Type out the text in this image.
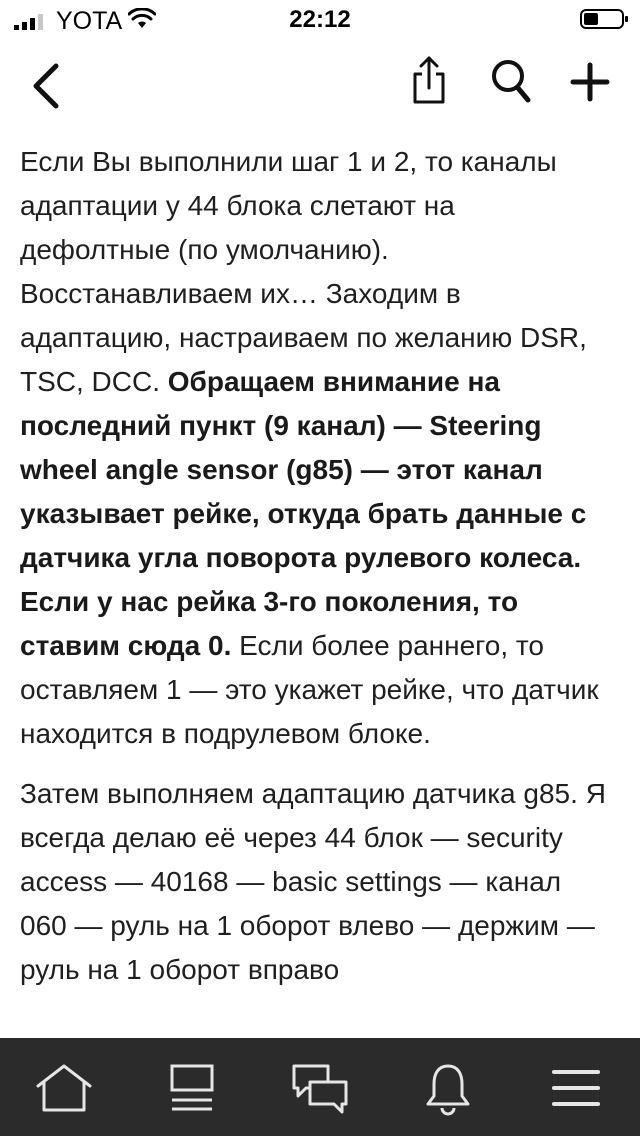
YOTA	22:12

Если Вы выполнили шаг 1 и 2, то каналы адаптации у 44 блока слетают на дефолтные (по умолчанию). Восстанавливаем их… Заходим в адаптацию, настраиваем по желанию DSR, TSC, DCC. Обращаем внимание на последний пункт (9 канал) — Steering wheel angle sensor (g85) — этот канал указывает рейке, откуда брать данные с датчика угла поворота рулевого колеса. Если у нас рейка 3-го поколения, то ставим сюда 0. Если более раннего, то оставляем 1 — это укажет рейке, что датчик находится в подрулевом блоке.

Затем выполняем адаптацию датчика g85. Я всегда делаю её через 44 блок — security access — 40168 — basic settings — канал 060 — руль на 1 оборот влево — держим — руль на 1 оборот вправо
